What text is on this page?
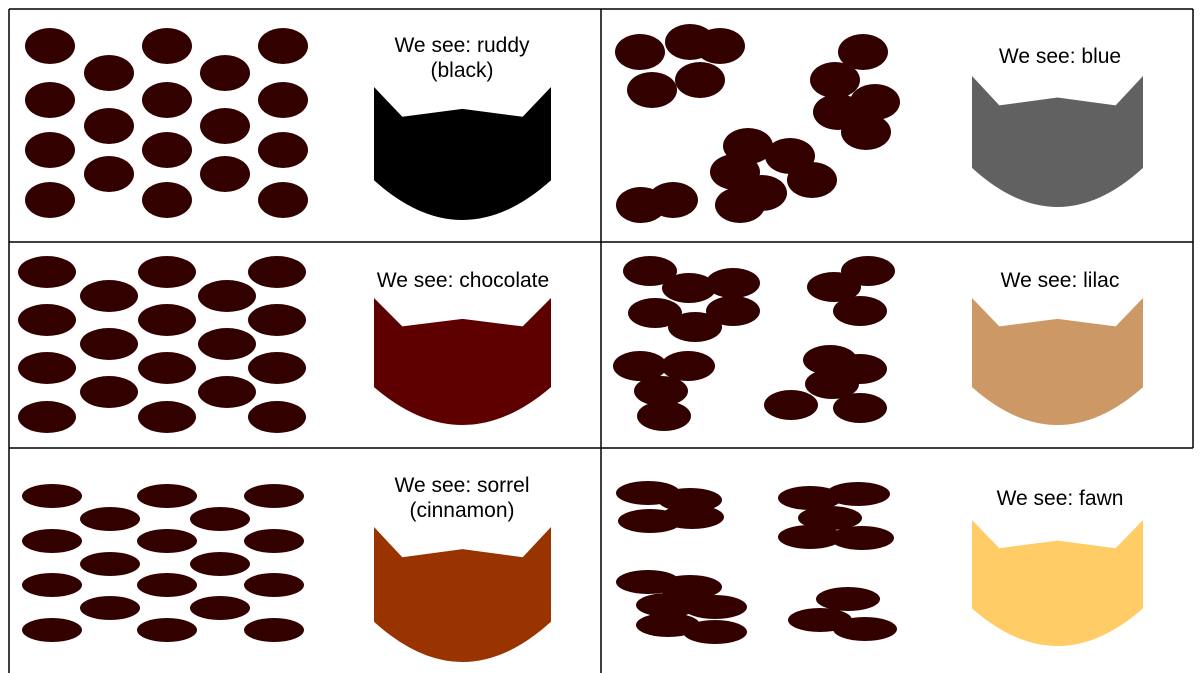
We see: ruddy
(black)
We see: blue
We see: chocolate	We see: lilac
We see: sorrel
(cinnamon)
We see: fawn
